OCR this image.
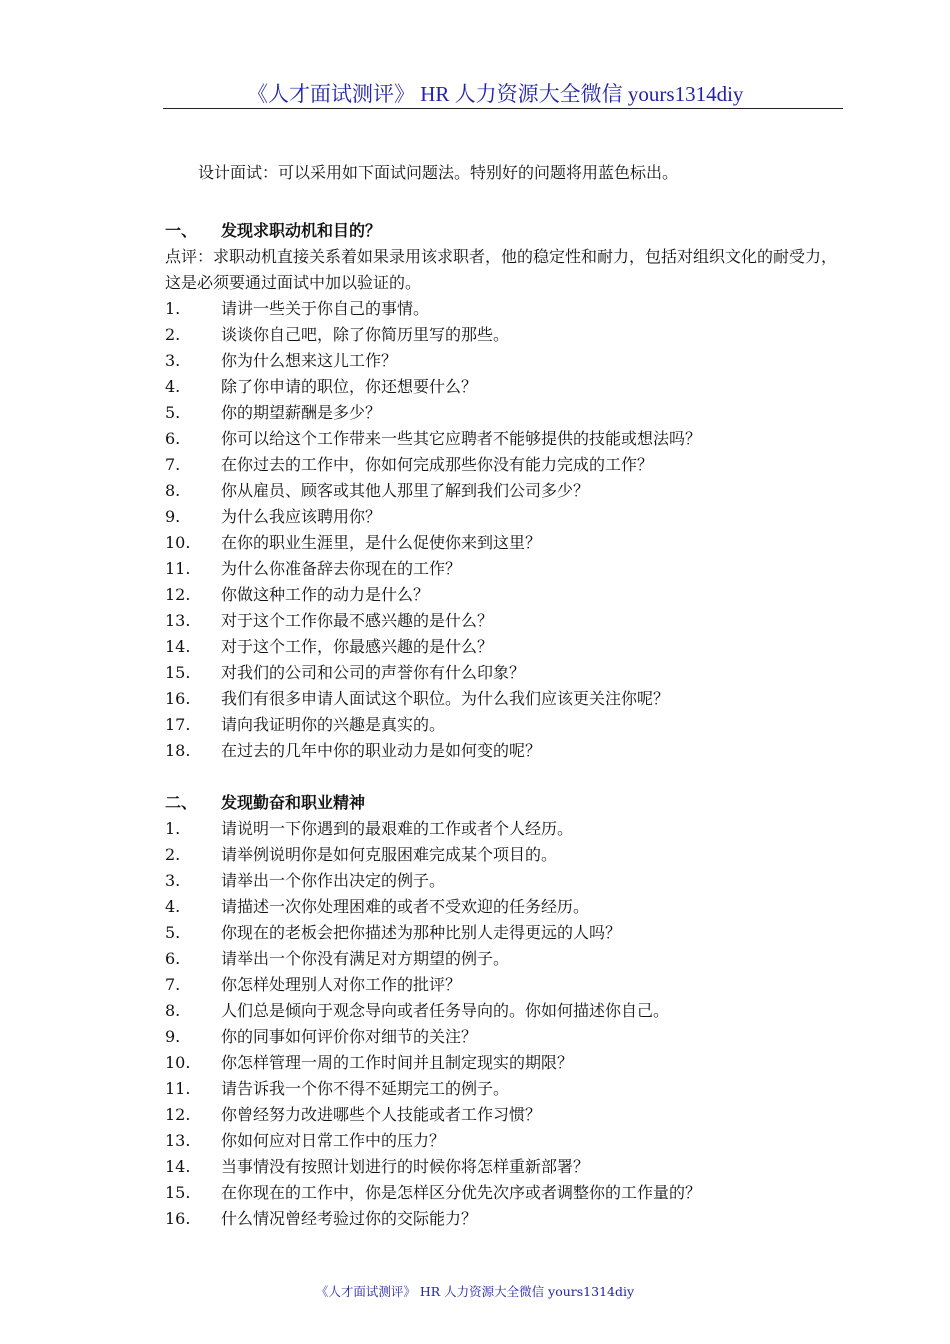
《人才面试测评》 HR 人力资源大全微信 yours1314diy
设计面试：可以采用如下面试问题法。特别好的问题将用蓝色标出。
一、 发现求职动机和目的？
点评：求职动机直接关系着如果录用该求职者，他的稳定性和耐力，包括对组织文化的耐受力，这是必须要通过面试中加以验证的。
1.	请讲一些关于你自己的事情。
2.	谈谈你自己吧，除了你简历里写的那些。
3.	你为什么想来这儿工作？
4.	除了你申请的职位，你还想要什么？
5.	你的期望薪酬是多少？
6.	你可以给这个工作带来一些其它应聘者不能够提供的技能或想法吗？
7.	在你过去的工作中，你如何完成那些你没有能力完成的工作？
8.	你从雇员、顾客或其他人那里了解到我们公司多少？
9.	为什么我应该聘用你？
10. 在你的职业生涯里，是什么促使你来到这里？
11. 为什么你准备辞去你现在的工作？
12. 你做这种工作的动力是什么？
13. 对于这个工作你最不感兴趣的是什么？
14. 对于这个工作，你最感兴趣的是什么？
15. 对我们的公司和公司的声誉你有什么印象？
16. 我们有很多申请人面试这个职位。为什么我们应该更关注你呢？
17. 请向我证明你的兴趣是真实的。
18. 在过去的几年中你的职业动力是如何变的呢？
二、 发现勤奋和职业精神
1.	请说明一下你遇到的最艰难的工作或者个人经历。
2.	请举例说明你是如何克服困难完成某个项目的。
3.	请举出一个你作出决定的例子。
4.	请描述一次你处理困难的或者不受欢迎的任务经历。
5.	你现在的老板会把你描述为那种比别人走得更远的人吗？
6.	请举出一个你没有满足对方期望的例子。
7.	你怎样处理别人对你工作的批评？
8.	人们总是倾向于观念导向或者任务导向的。你如何描述你自己。
9.	你的同事如何评价你对细节的关注？
10. 你怎样管理一周的工作时间并且制定现实的期限？
11. 请告诉我一个你不得不延期完工的例子。
12. 你曾经努力改进哪些个人技能或者工作习惯？
13. 你如何应对日常工作中的压力？
14. 当事情没有按照计划进行的时候你将怎样重新部署？
15. 在你现在的工作中，你是怎样区分优先次序或者调整你的工作量的？
16. 什么情况曾经考验过你的交际能力？
《人才面试测评》 HR 人力资源大全微信 yours1314diy
